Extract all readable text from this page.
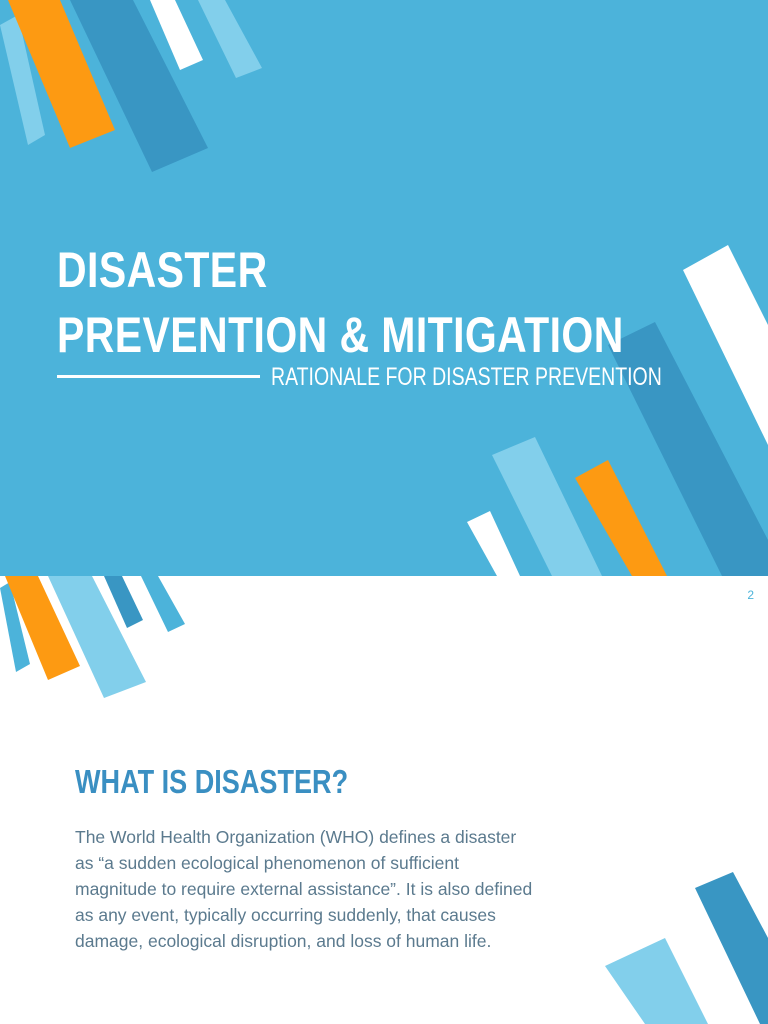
DISASTER
PREVENTION & MITIGATION

RATIONALE FOR DISASTER PREVENTION

2

WHAT IS DISASTER?

The World Health Organization (WHO) defines a disaster as “a sudden ecological phenomenon of sufficient magnitude to require external assistance”. It is also defined as any event, typically occurring suddenly, that causes damage, ecological disruption, and loss of human life.
